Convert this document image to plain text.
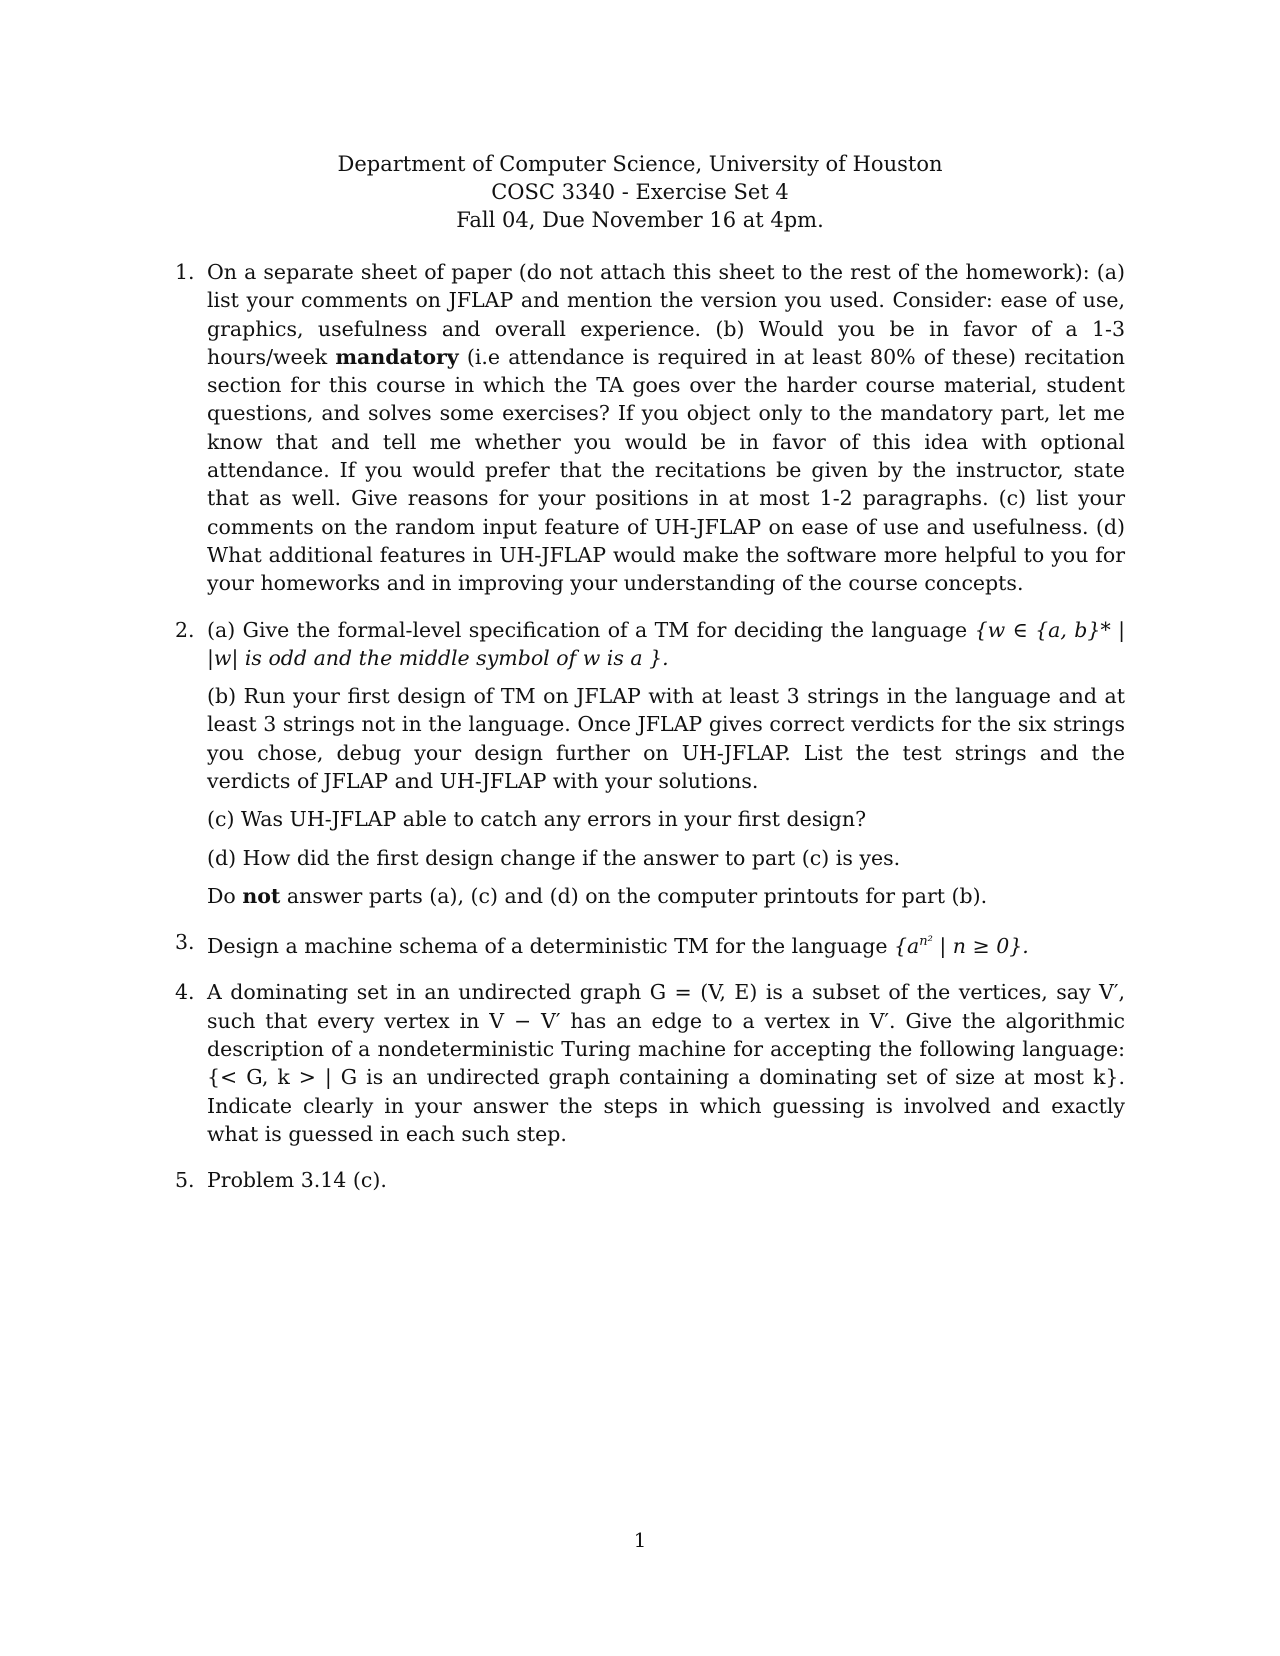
Department of Computer Science, University of Houston
COSC 3340 - Exercise Set 4
Fall 04, Due November 16 at 4pm.
1. On a separate sheet of paper (do not attach this sheet to the rest of the homework): (a) list your comments on JFLAP and mention the version you used. Consider: ease of use, graphics, usefulness and overall experience. (b) Would you be in favor of a 1-3 hours/week mandatory (i.e attendance is required in at least 80% of these) recitation section for this course in which the TA goes over the harder course material, student questions, and solves some exercises? If you object only to the mandatory part, let me know that and tell me whether you would be in favor of this idea with optional attendance. If you would prefer that the recitations be given by the instructor, state that as well. Give reasons for your positions in at most 1-2 paragraphs. (c) list your comments on the random input feature of UH-JFLAP on ease of use and usefulness. (d) What additional features in UH-JFLAP would make the software more helpful to you for your homeworks and in improving your understanding of the course concepts.

2. (a) Give the formal-level specification of a TM for deciding the language {w ∈ {a, b}* | |w| is odd and the middle symbol of w is a }.

(b) Run your first design of TM on JFLAP with at least 3 strings in the language and at least 3 strings not in the language. Once JFLAP gives correct verdicts for the six strings you chose, debug your design further on UH-JFLAP. List the test strings and the verdicts of JFLAP and UH-JFLAP with your solutions.

(c) Was UH-JFLAP able to catch any errors in your first design?

(d) How did the first design change if the answer to part (c) is yes.

Do not answer parts (a), (c) and (d) on the computer printouts for part (b).

3. Design a machine schema of a deterministic TM for the language {$a^{n^2}$ | n ≥ 0}.

4. A dominating set in an undirected graph G = (V, E) is a subset of the vertices, say V′, such that every vertex in V − V′ has an edge to a vertex in V′. Give the algorithmic description of a nondeterministic Turing machine for accepting the following language: {< G, k > | G is an undirected graph containing a dominating set of size at most k}. Indicate clearly in your answer the steps in which guessing is involved and exactly what is guessed in each such step.

5. Problem 3.14 (c).

1
